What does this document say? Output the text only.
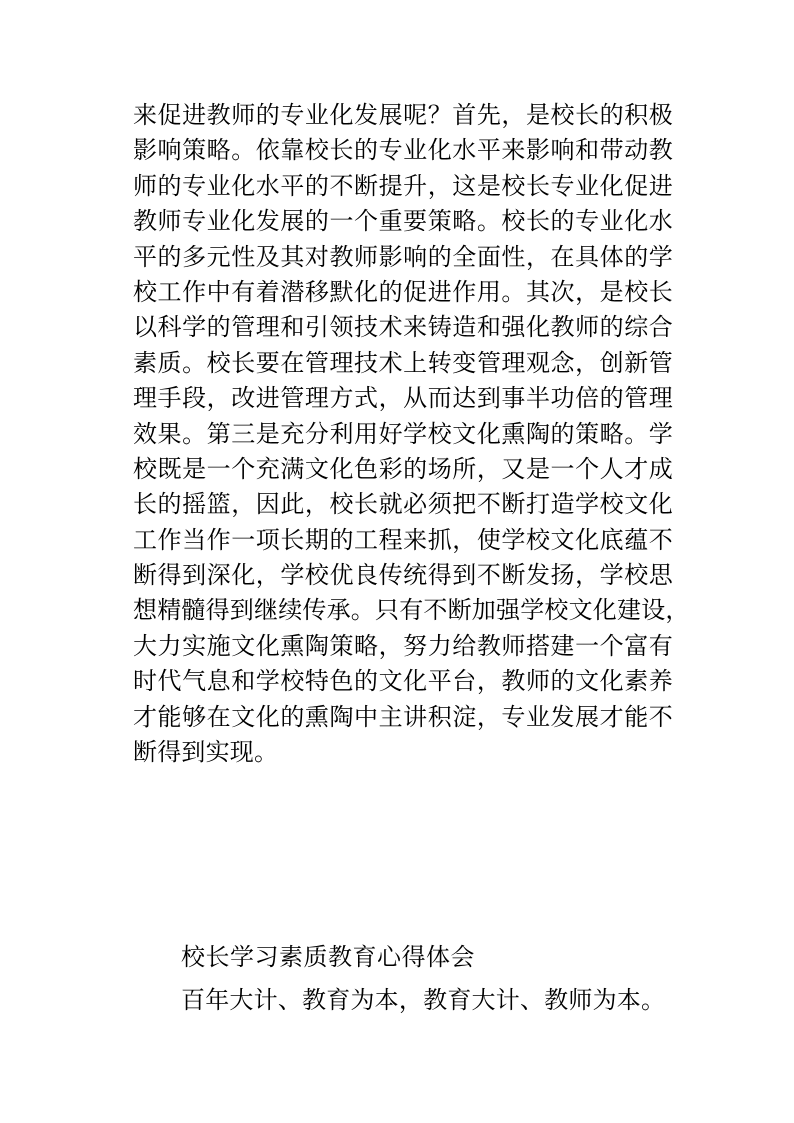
来促进教师的专业化发展呢？首先，是校长的积极
影响策略。依靠校长的专业化水平来影响和带动教
师的专业化水平的不断提升，这是校长专业化促进
教师专业化发展的一个重要策略。校长的专业化水
平的多元性及其对教师影响的全面性，在具体的学
校工作中有着潜移默化的促进作用。其次，是校长
以科学的管理和引领技术来铸造和强化教师的综合
素质。校长要在管理技术上转变管理观念，创新管
理手段，改进管理方式，从而达到事半功倍的管理
效果。第三是充分利用好学校文化熏陶的策略。学
校既是一个充满文化色彩的场所，又是一个人才成
长的摇篮，因此，校长就必须把不断打造学校文化
工作当作一项长期的工程来抓，使学校文化底蕴不
断得到深化，学校优良传统得到不断发扬，学校思
想精髓得到继续传承。只有不断加强学校文化建设，
大力实施文化熏陶策略，努力给教师搭建一个富有
时代气息和学校特色的文化平台，教师的文化素养
才能够在文化的熏陶中主讲积淀，专业发展才能不
断得到实现。
校长学习素质教育心得体会
百年大计、教育为本，教育大计、教师为本。
